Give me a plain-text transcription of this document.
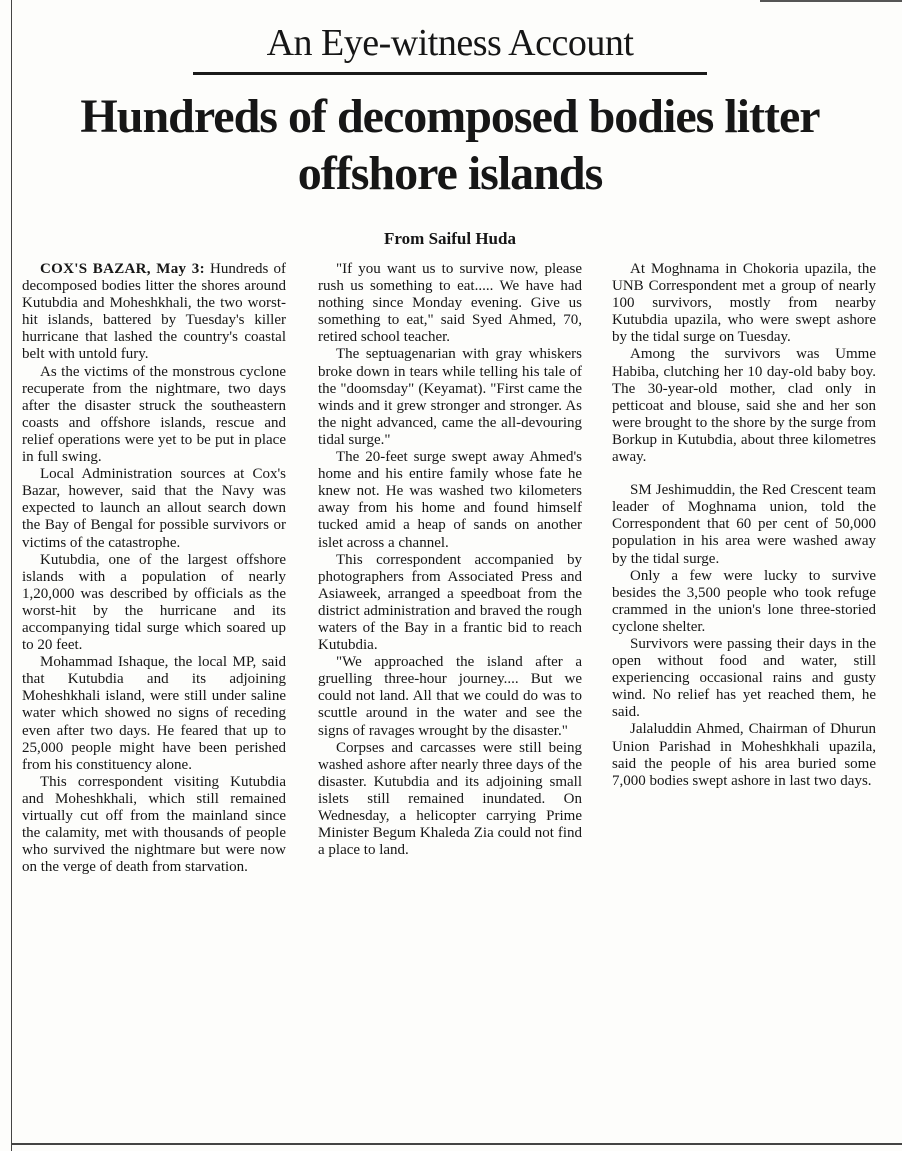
An Eye-witness Account
Hundreds of decomposed bodies litter offshore islands
From Saiful Huda

COX'S BAZAR, May 3: Hundreds of decomposed bodies litter the shores around Kutubdia and Moheshkhali, the two worst-hit islands, battered by Tuesday's killer hurricane that lashed the country's coastal belt with untold fury.

As the victims of the monstrous cyclone recuperate from the nightmare, two days after the disaster struck the southeastern coasts and offshore islands, rescue and relief operations were yet to be put in place in full swing.

Local Administration sources at Cox's Bazar, however, said that the Navy was expected to launch an allout search down the Bay of Bengal for possible survivors or victims of the catastrophe.

Kutubdia, one of the largest offshore islands with a population of nearly 1,20,000 was described by officials as the worst-hit by the hurricane and its accompanying tidal surge which soared up to 20 feet.

Mohammad Ishaque, the local MP, said that Kutubdia and its adjoining Moheshkhali island, were still under saline water which showed no signs of receding even after two days. He feared that up to 25,000 people might have been perished from his constituency alone.

This correspondent visiting Kutubdia and Moheshkhali, which still remained virtually cut off from the mainland since the calamity, met with thousands of people who survived the nightmare but were now on the verge of death from starvation.

"If you want us to survive now, please rush us something to eat..... We have had nothing since Monday evening. Give us something to eat," said Syed Ahmed, 70, retired school teacher.

The septuagenarian with gray whiskers broke down in tears while telling his tale of the "doomsday" (Keyamat). "First came the winds and it grew stronger and stronger. As the night advanced, came the all-devouring tidal surge."

The 20-feet surge swept away Ahmed's home and his entire family whose fate he knew not. He was washed two kilometers away from his home and found himself tucked amid a heap of sands on another islet across a channel.

This correspondent accompanied by photographers from Associated Press and Asiaweek, arranged a speedboat from the district administration and braved the rough waters of the Bay in a frantic bid to reach Kutubdia.

"We approached the island after a gruelling three-hour journey.... But we could not land. All that we could do was to scuttle around in the water and see the signs of ravages wrought by the disaster."

Corpses and carcasses were still being washed ashore after nearly three days of the disaster. Kutubdia and its adjoining small islets still remained inundated. On Wednesday, a helicopter carrying Prime Minister Begum Khaleda Zia could not find a place to land.

At Moghnama in Chokoria upazila, the UNB Correspondent met a group of nearly 100 survivors, mostly from nearby Kutubdia upazila, who were swept ashore by the tidal surge on Tuesday.

Among the survivors was Umme Habiba, clutching her 10 day-old baby boy. The 30-year-old mother, clad only in petticoat and blouse, said she and her son were brought to the shore by the surge from Borkup in Kutubdia, about three kilometres away.

SM Jeshimuddin, the Red Crescent team leader of Moghnama union, told the Correspondent that 60 per cent of 50,000 population in his area were washed away by the tidal surge.

Only a few were lucky to survive besides the 3,500 people who took refuge crammed in the union's lone three-storied cyclone shelter.

Survivors were passing their days in the open without food and water, still experiencing occasional rains and gusty wind. No relief has yet reached them, he said.

Jalaluddin Ahmed, Chairman of Dhurun Union Parishad in Moheshkhali upazila, said the people of his area buried some 7,000 bodies swept ashore in last two days.
